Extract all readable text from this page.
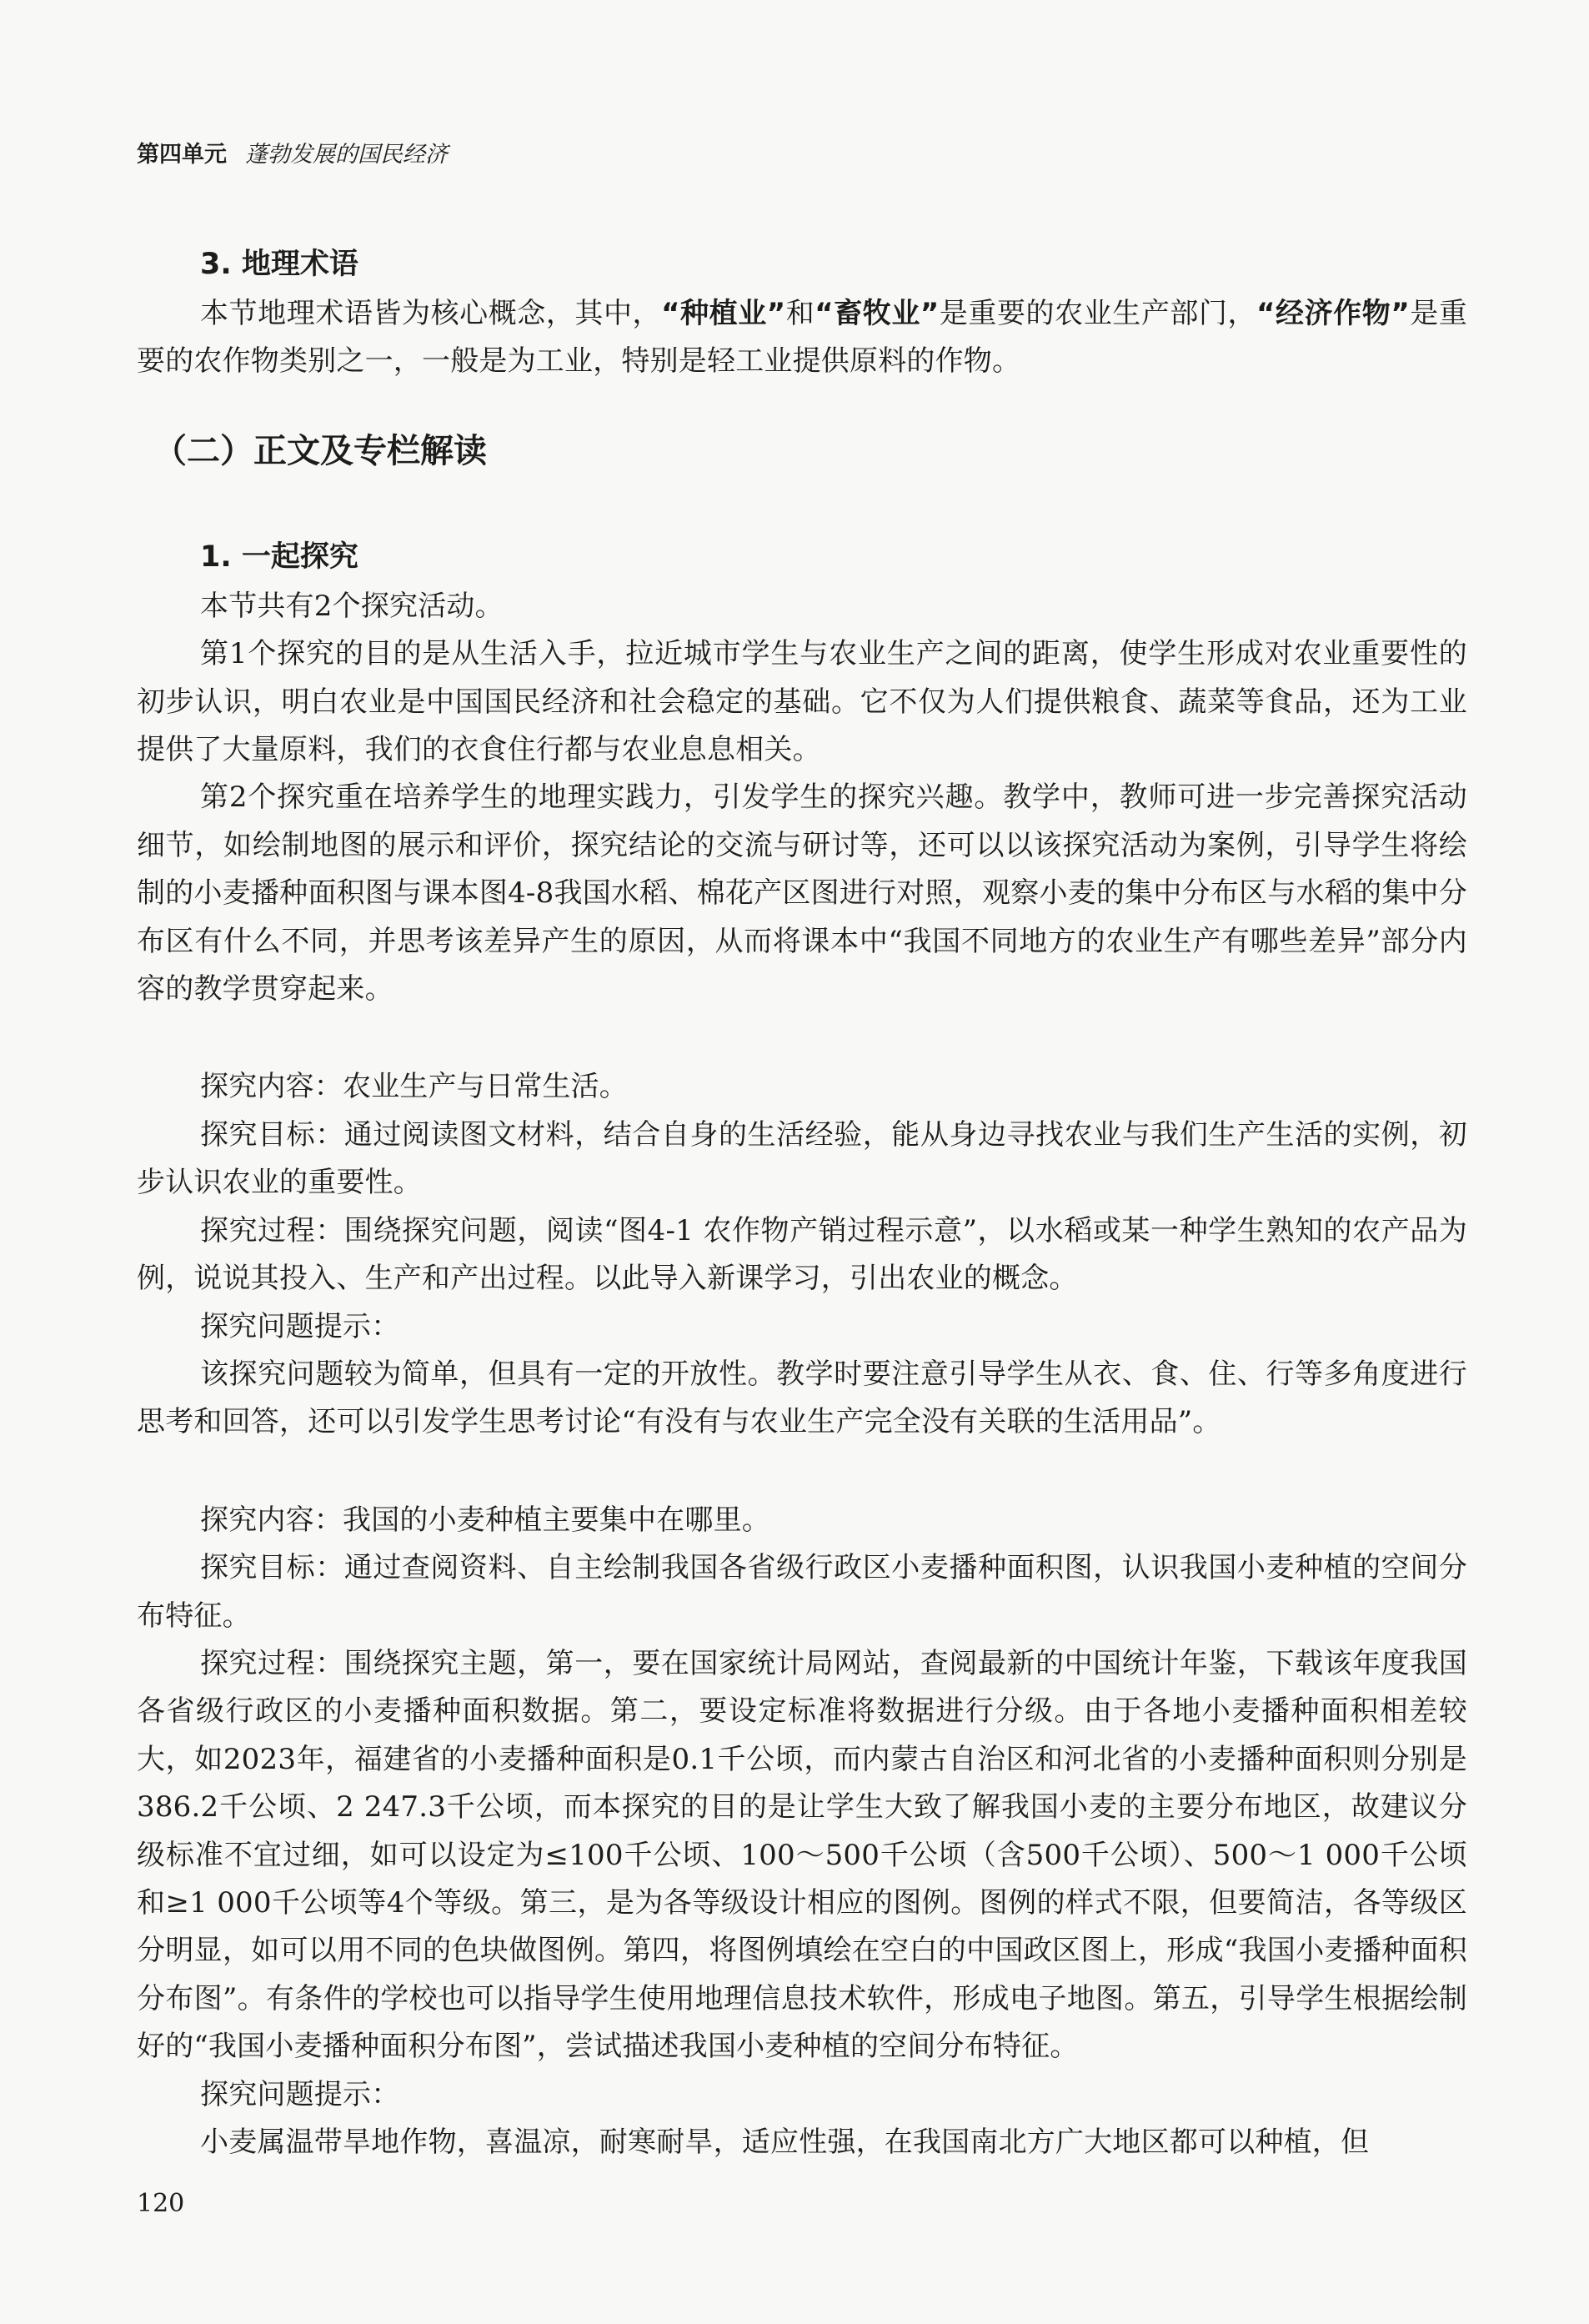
第四单元 蓬勃发展的国民经济
3. 地理术语

本节地理术语皆为核心概念，其中，“种植业”和“畜牧业”是重要的农业生产部门，“经济作物”是重要的农作物类别之一，一般是为工业，特别是轻工业提供原料的作物。

（二）正文及专栏解读
1. 一起探究

本节共有2个探究活动。

第1个探究的目的是从生活入手，拉近城市学生与农业生产之间的距离，使学生形成对农业重要性的初步认识，明白农业是中国国民经济和社会稳定的基础。它不仅为人们提供粮食、蔬菜等食品，还为工业提供了大量原料，我们的衣食住行都与农业息息相关。

第2个探究重在培养学生的地理实践力，引发学生的探究兴趣。教学中，教师可进一步完善探究活动细节，如绘制地图的展示和评价，探究结论的交流与研讨等，还可以以该探究活动为案例，引导学生将绘制的小麦播种面积图与课本图4-8我国水稻、棉花产区图进行对照，观察小麦的集中分布区与水稻的集中分布区有什么不同，并思考该差异产生的原因，从而将课本中“我国不同地方的农业生产有哪些差异”部分内容的教学贯穿起来。

探究内容：农业生产与日常生活。

探究目标：通过阅读图文材料，结合自身的生活经验，能从身边寻找农业与我们生产生活的实例，初步认识农业的重要性。

探究过程：围绕探究问题，阅读“图4-1 农作物产销过程示意”，以水稻或某一种学生熟知的农产品为例，说说其投入、生产和产出过程。以此导入新课学习，引出农业的概念。

探究问题提示：

该探究问题较为简单，但具有一定的开放性。教学时要注意引导学生从衣、食、住、行等多角度进行思考和回答，还可以引发学生思考讨论“有没有与农业生产完全没有关联的生活用品”。

探究内容：我国的小麦种植主要集中在哪里。

探究目标：通过查阅资料、自主绘制我国各省级行政区小麦播种面积图，认识我国小麦种植的空间分布特征。

探究过程：围绕探究主题，第一，要在国家统计局网站，查阅最新的中国统计年鉴，下载该年度我国各省级行政区的小麦播种面积数据。第二，要设定标准将数据进行分级。由于各地小麦播种面积相差较大，如2023年，福建省的小麦播种面积是0.1千公顷，而内蒙古自治区和河北省的小麦播种面积则分别是386.2千公顷、2 247.3千公顷，而本探究的目的是让学生大致了解我国小麦的主要分布地区，故建议分级标准不宜过细，如可以设定为≤100千公顷、100～500千公顷（含500千公顷）、500～1 000千公顷和≥1 000千公顷等4个等级。第三，是为各等级设计相应的图例。图例的样式不限，但要简洁，各等级区分明显，如可以用不同的色块做图例。第四，将图例填绘在空白的中国政区图上，形成“我国小麦播种面积分布图”。有条件的学校也可以指导学生使用地理信息技术软件，形成电子地图。第五，引导学生根据绘制好的“我国小麦播种面积分布图”，尝试描述我国小麦种植的空间分布特征。

探究问题提示：

小麦属温带旱地作物，喜温凉，耐寒耐旱，适应性强，在我国南北方广大地区都可以种植，但

120
